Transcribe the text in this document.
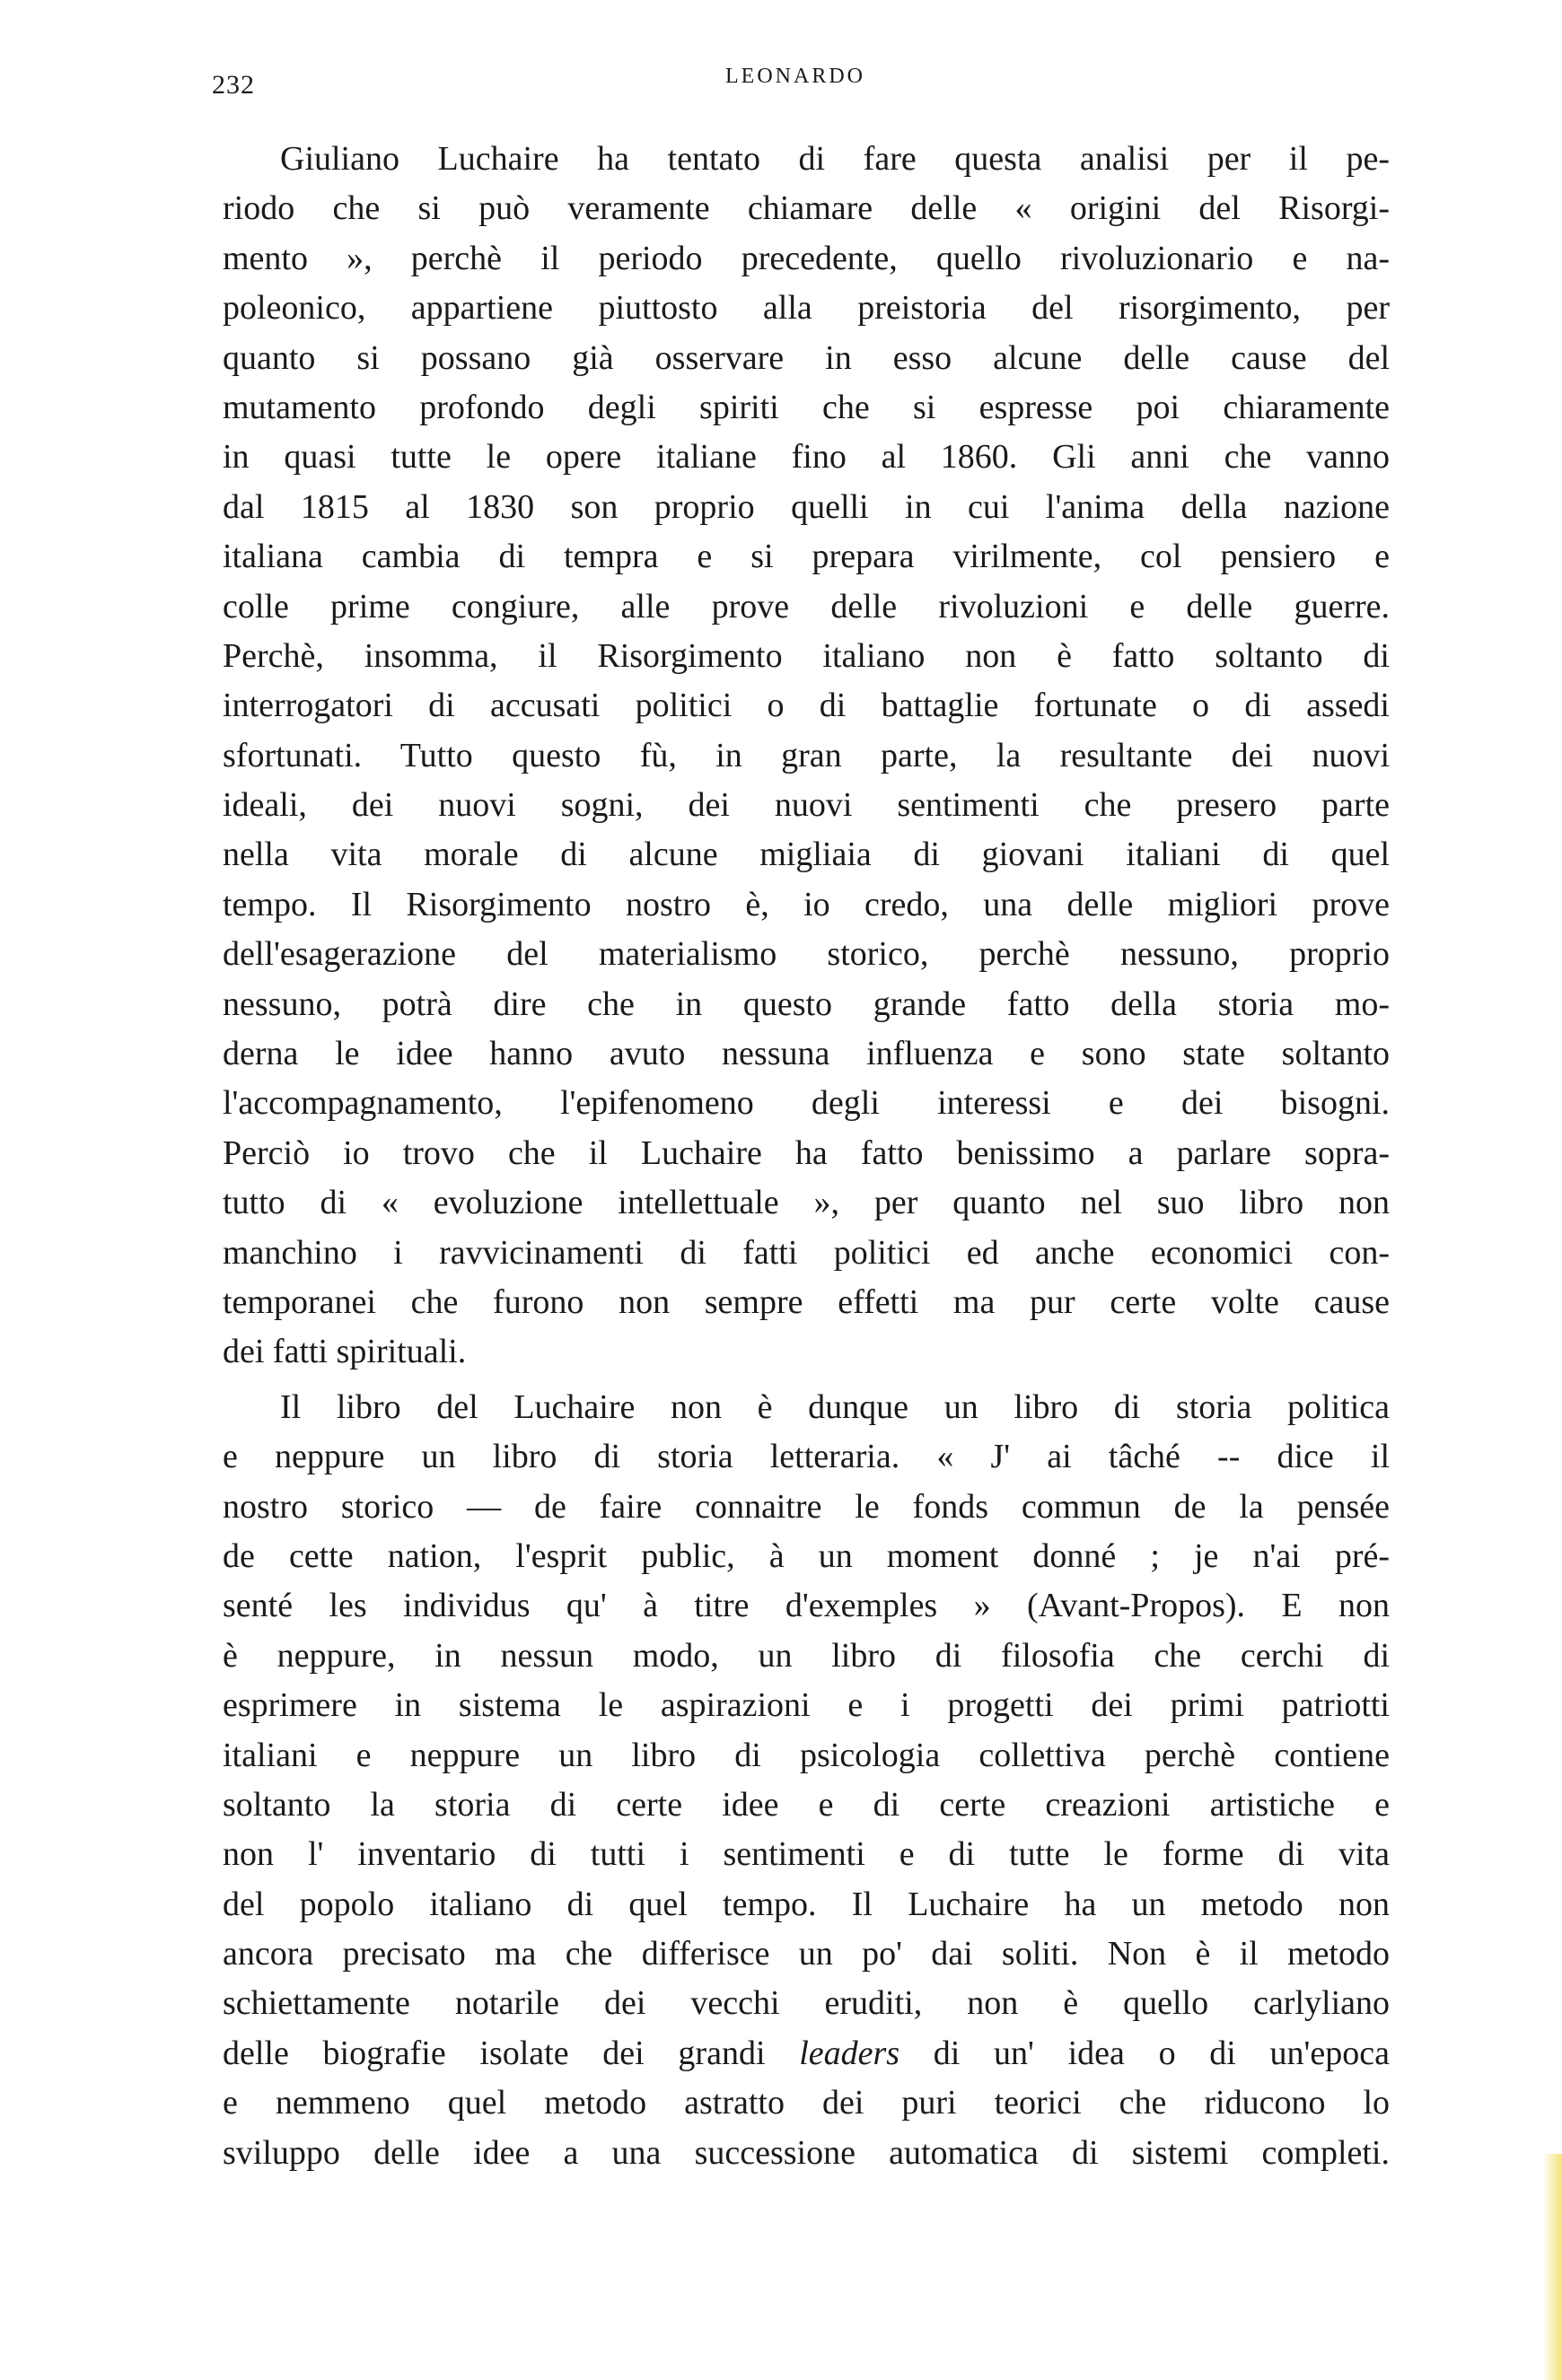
232	LEONARDO
Giuliano Luchaire ha tentato di fare questa analisi per il pe-
riodo che si può veramente chiamare delle « origini del Risorgi-
mento », perchè il periodo precedente, quello rivoluzionario e na-
poleonico, appartiene piuttosto alla preistoria del risorgimento, per
quanto si possano già osservare in esso alcune delle cause del
mutamento profondo degli spiriti che si espresse poi chiaramente
in quasi tutte le opere italiane fino al 1860. Gli anni che vanno
dal 1815 al 1830 son proprio quelli in cui l'anima della nazione
italiana cambia di tempra e si prepara virilmente, col pensiero e
colle prime congiure, alle prove delle rivoluzioni e delle guerre.
Perchè, insomma, il Risorgimento italiano non è fatto soltanto di
interrogatori di accusati politici o di battaglie fortunate o di assedi
sfortunati. Tutto questo fù, in gran parte, la resultante dei nuovi
ideali, dei nuovi sogni, dei nuovi sentimenti che presero parte
nella vita morale di alcune migliaia di giovani italiani di quel
tempo. Il Risorgimento nostro è, io credo, una delle migliori prove
dell'esagerazione del materialismo storico, perchè nessuno, proprio
nessuno, potrà dire che in questo grande fatto della storia mo-
derna le idee hanno avuto nessuna influenza e sono state soltanto
l'accompagnamento, l'epifenomeno degli interessi e dei bisogni.
Perciò io trovo che il Luchaire ha fatto benissimo a parlare sopra-
tutto di « evoluzione intellettuale », per quanto nel suo libro non
manchino i ravvicinamenti di fatti politici ed anche economici con-
temporanei che furono non sempre effetti ma pur certe volte cause
dei fatti spirituali.
Il libro del Luchaire non è dunque un libro di storia politica
e neppure un libro di storia letteraria. « J' ai tâché -- dice il
nostro storico — de faire connaitre le fonds commun de la pensée
de cette nation, l'esprit public, à un moment donné ; je n'ai pré-
senté les individus qu' à titre d'exemples » (Avant-Propos). E non
è neppure, in nessun modo, un libro di filosofia che cerchi di
esprimere in sistema le aspirazioni e i progetti dei primi patriotti
italiani e neppure un libro di psicologia collettiva perchè contiene
soltanto la storia di certe idee e di certe creazioni artistiche e
non l' inventario di tutti i sentimenti e di tutte le forme di vita
del popolo italiano di quel tempo. Il Luchaire ha un metodo non
ancora precisato ma che differisce un po' dai soliti. Non è il metodo
schiettamente notarile dei vecchi eruditi, non è quello carlyliano
delle biografie isolate dei grandi leaders di un' idea o di un'epoca
e nemmeno quel metodo astratto dei puri teorici che riducono lo
sviluppo delle idee a una successione automatica di sistemi completi.
